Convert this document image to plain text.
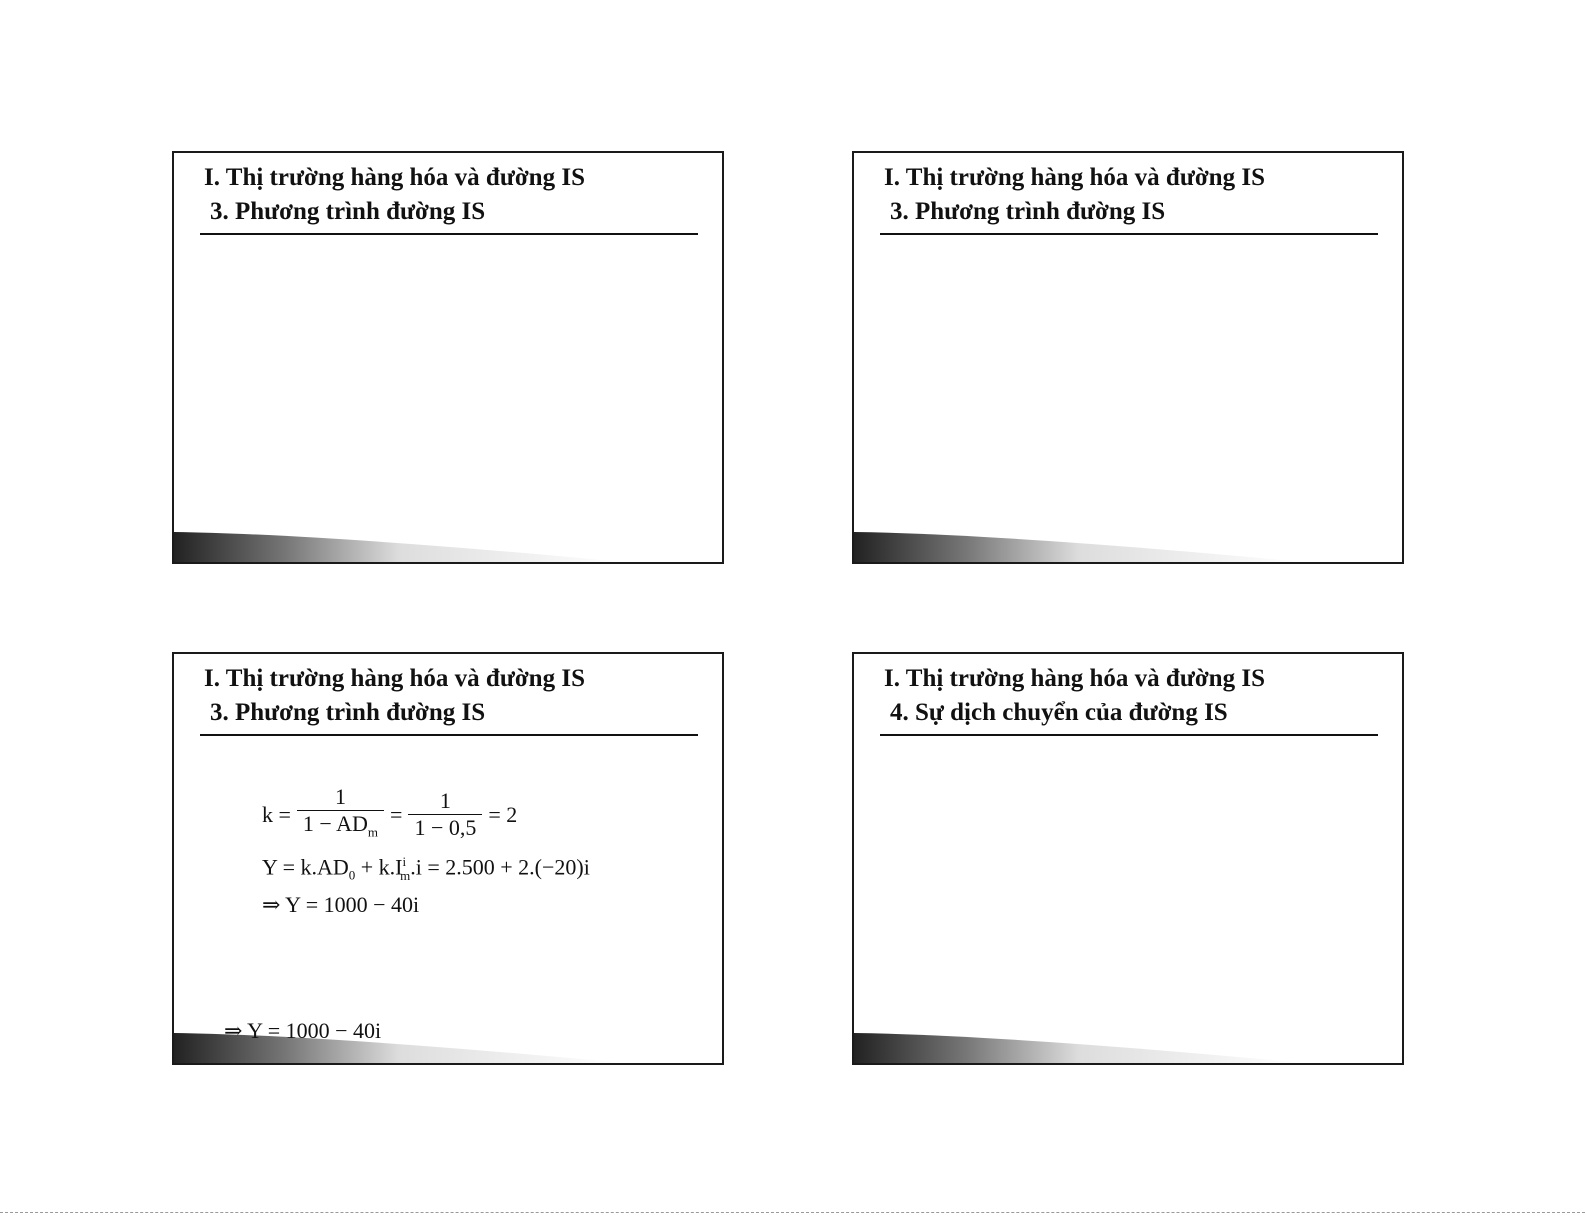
I. Thị trường hàng hóa và đường IS
3. Phương trình đường IS
I. Thị trường hàng hóa và đường IS
3. Phương trình đường IS
I. Thị trường hàng hóa và đường IS
3. Phương trình đường IS
$k = \frac{1}{1 - AD_m} = \frac{1}{1 - 0,5} = 2$
$Y = k.AD_0 + k.I^i_m.i = 2.500 + 2.(-20)i$
⇒ Y = 1000 − 40i
⇒ Y = 1000 − 40i
I. Thị trường hàng hóa và đường IS
4. Sự dịch chuyển của đường IS
